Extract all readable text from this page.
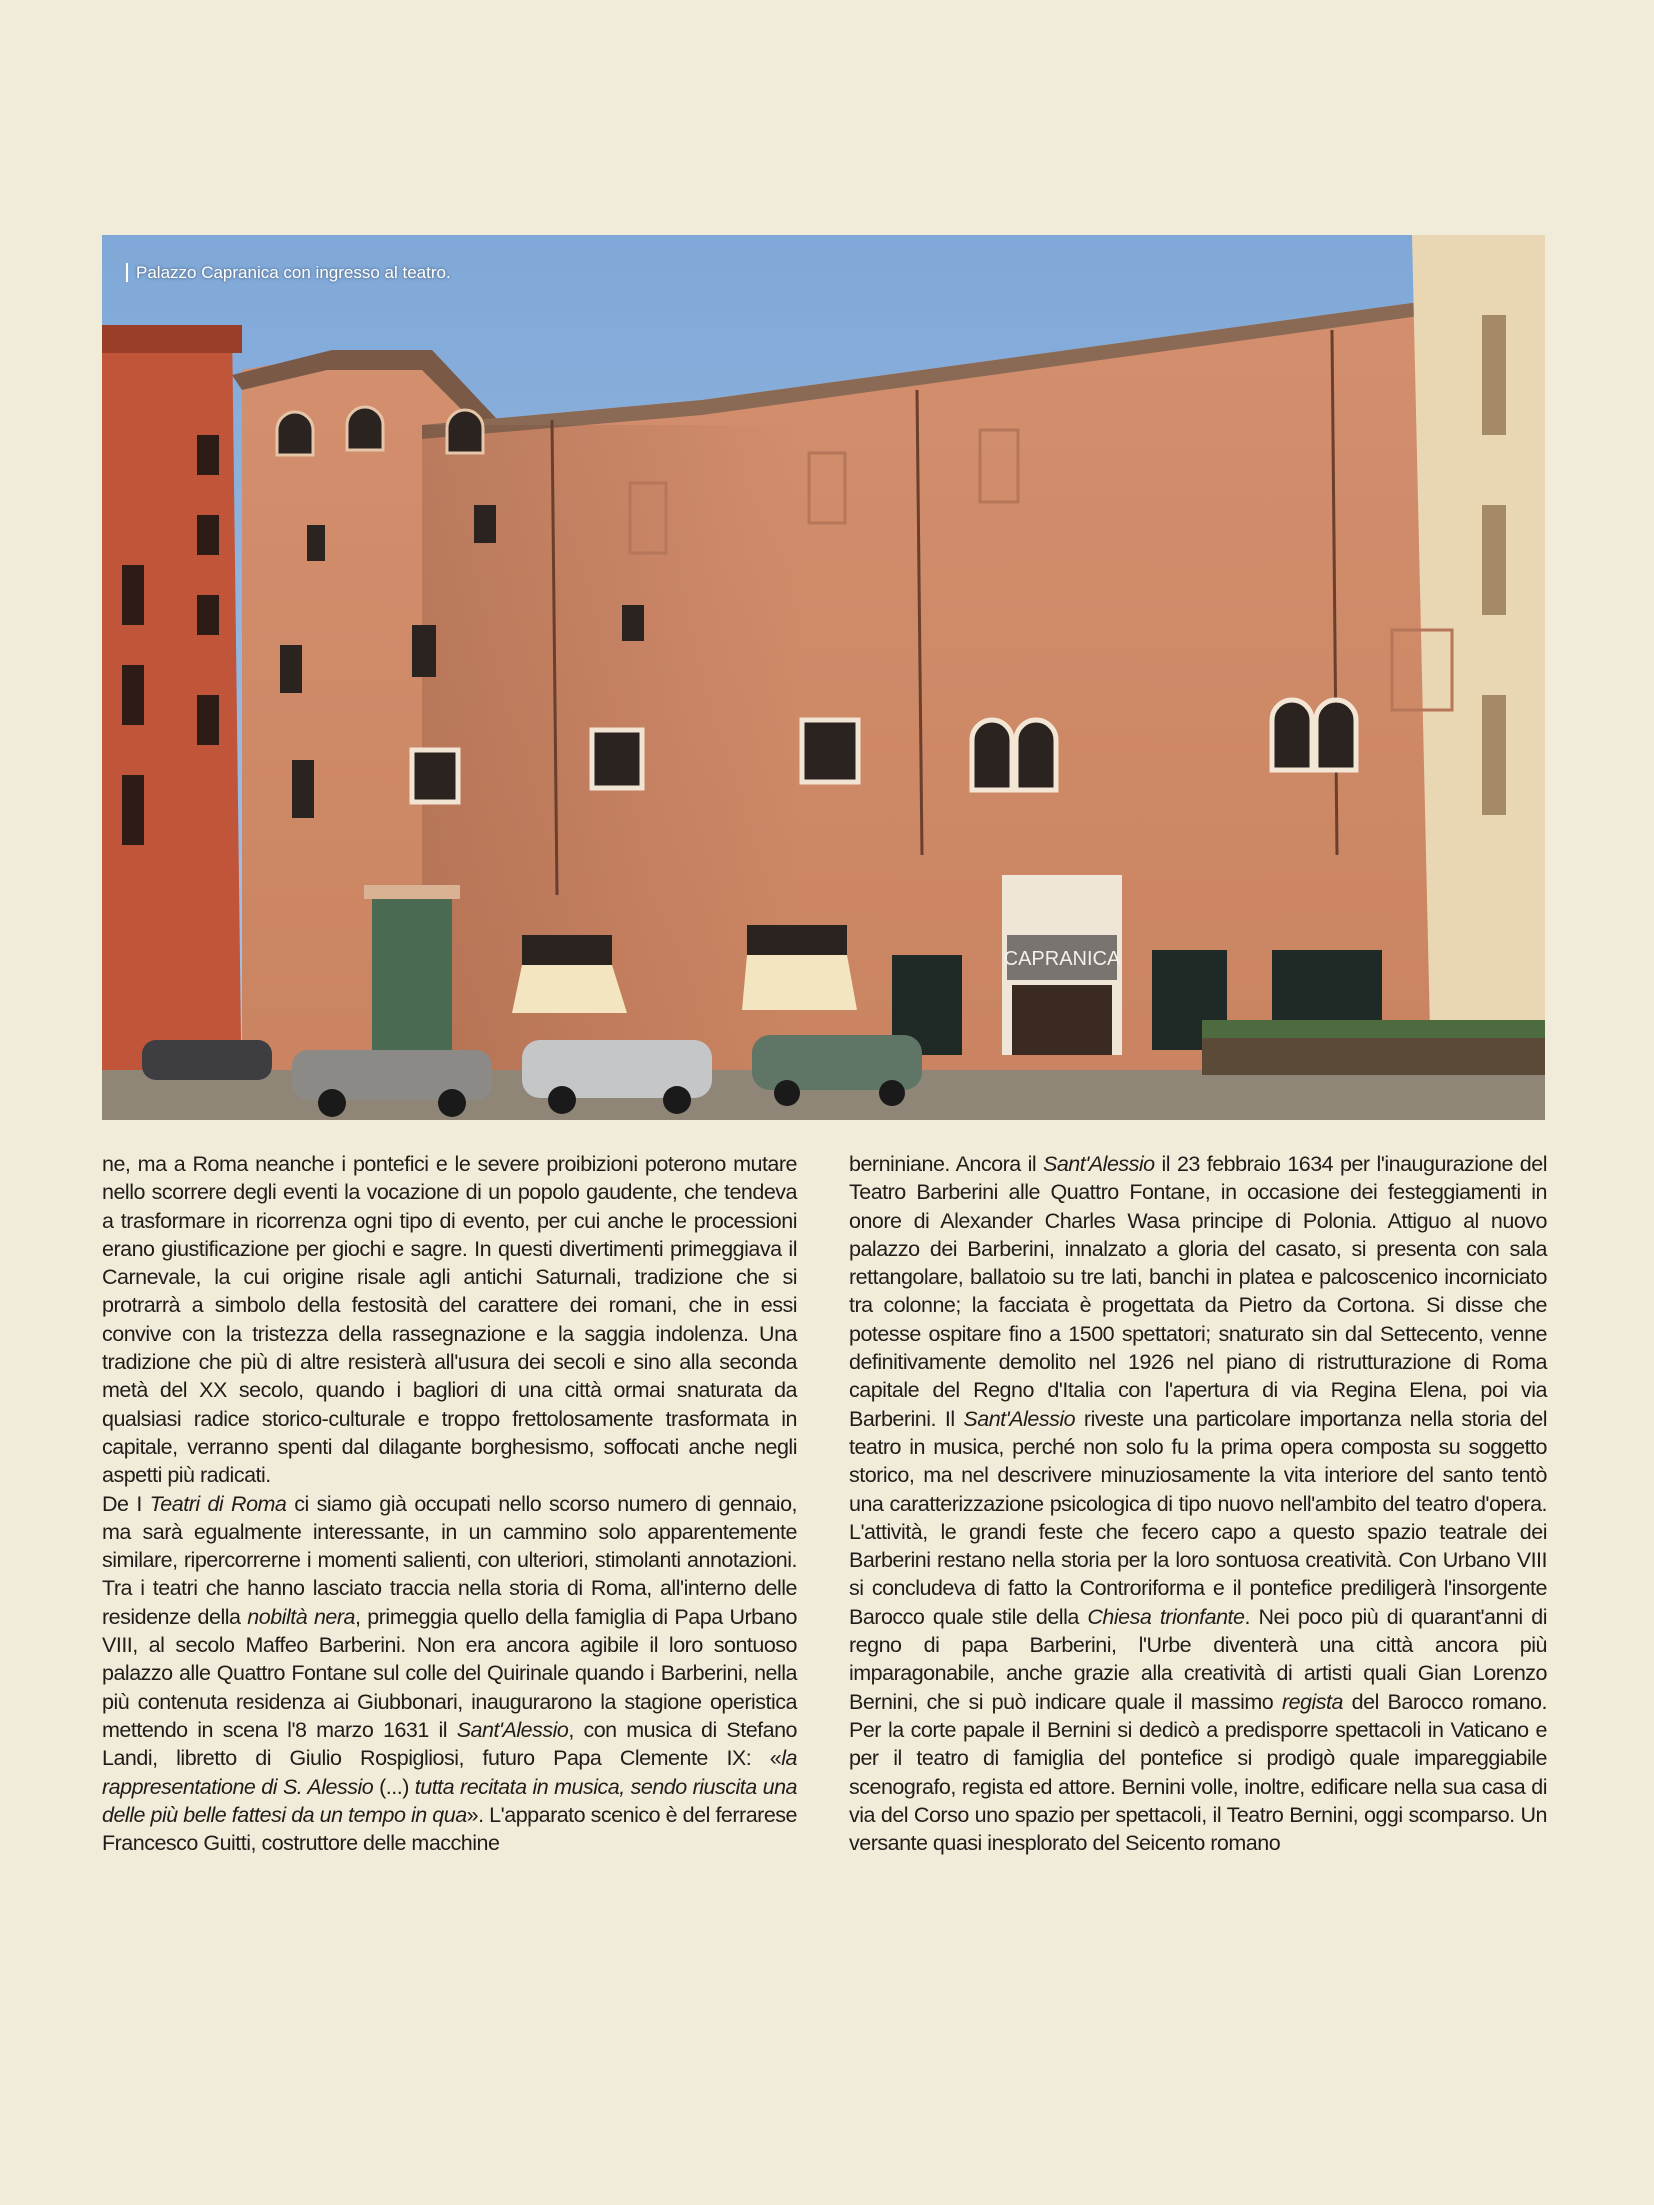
CAPRANICA
Palazzo Capranica con ingresso al teatro.

ne, ma a Roma neanche i pontefici e le severe proibizioni poterono mutare nello scorrere degli eventi la vocazione di un popolo gaudente, che tendeva a trasformare in ricorrenza ogni tipo di evento, per cui anche le processioni erano giustificazione per giochi e sagre. In questi divertimenti primeggiava il Carnevale, la cui origine risale agli antichi Saturnali, tradizione che si protrarrà a simbolo della festosità del carattere dei romani, che in essi convive con la tristezza della rassegnazione e la saggia indolenza. Una tradizione che più di altre resisterà all'usura dei secoli e sino alla seconda metà del XX secolo, quando i bagliori di una città ormai snaturata da qualsiasi radice storico-culturale e troppo frettolosamente trasformata in capitale, verranno spenti dal dilagante borghesismo, soffocati anche negli aspetti più radicati.

De I Teatri di Roma ci siamo già occupati nello scorso numero di gennaio, ma sarà egualmente interessante, in un cammino solo apparentemente similare, ripercorrerne i momenti salienti, con ulteriori, stimolanti annotazioni. Tra i teatri che hanno lasciato traccia nella storia di Roma, all'interno delle residenze della nobiltà nera, primeggia quello della famiglia di Papa Urbano VIII, al secolo Maffeo Barberini. Non era ancora agibile il loro sontuoso palazzo alle Quattro Fontane sul colle del Quirinale quando i Barberini, nella più contenuta residenza ai Giubbonari, inaugurarono la stagione operistica mettendo in scena l'8 marzo 1631 il Sant'Alessio, con musica di Stefano Landi, libretto di Giulio Rospigliosi, futuro Papa Clemente IX: «la rappresentatione di S. Alessio (...) tutta recitata in musica, sendo riuscita una delle più belle fattesi da un tempo in qua». L'apparato scenico è del ferrarese Francesco Guitti, costruttore delle macchine

berniniane. Ancora il Sant'Alessio il 23 febbraio 1634 per l'inaugurazione del Teatro Barberini alle Quattro Fontane, in occasione dei festeggiamenti in onore di Alexander Charles Wasa principe di Polonia. Attiguo al nuovo palazzo dei Barberini, innalzato a gloria del casato, si presenta con sala rettangolare, ballatoio su tre lati, banchi in platea e palcoscenico incorniciato tra colonne; la facciata è progettata da Pietro da Cortona. Si disse che potesse ospitare fino a 1500 spettatori; snaturato sin dal Settecento, venne definitivamente demolito nel 1926 nel piano di ristrutturazione di Roma capitale del Regno d'Italia con l'apertura di via Regina Elena, poi via Barberini. Il Sant'Alessio riveste una particolare importanza nella storia del teatro in musica, perché non solo fu la prima opera composta su soggetto storico, ma nel descrivere minuziosamente la vita interiore del santo tentò una caratterizzazione psicologica di tipo nuovo nell'ambito del teatro d'opera. L'attività, le grandi feste che fecero capo a questo spazio teatrale dei Barberini restano nella storia per la loro sontuosa creatività. Con Urbano VIII si concludeva di fatto la Controriforma e il pontefice prediligerà l'insorgente Barocco quale stile della Chiesa trionfante. Nei poco più di quarant'anni di regno di papa Barberini, l'Urbe diventerà una città ancora più imparagonabile, anche grazie alla creatività di artisti quali Gian Lorenzo Bernini, che si può indicare quale il massimo regista del Barocco romano. Per la corte papale il Bernini si dedicò a predisporre spettacoli in Vaticano e per il teatro di famiglia del pontefice si prodigò quale impareggiabile scenografo, regista ed attore. Bernini volle, inoltre, edificare nella sua casa di via del Corso uno spazio per spettacoli, il Teatro Bernini, oggi scomparso. Un versante quasi inesplorato del Seicento romano
